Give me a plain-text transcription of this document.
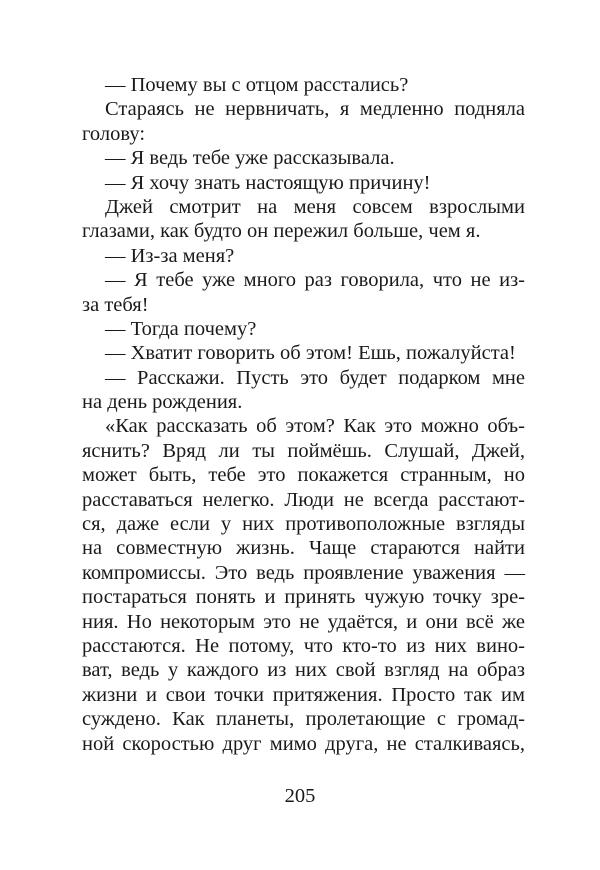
— Почему вы с отцом расстались?
Стараясь не нервничать, я медленно подняла
голову:
— Я ведь тебе уже рассказывала.
— Я хочу знать настоящую причину!
Джей смотрит на меня совсем взрослыми
глазами, как будто он пережил больше, чем я.
— Из-за меня?
— Я тебе уже много раз говорила, что не из-
за тебя!
— Тогда почему?
— Хватит говорить об этом! Ешь, пожалуйста!
— Расскажи. Пусть это будет подарком мне
на день рождения.
«Как рассказать об этом? Как это можно объ-
яснить? Вряд ли ты поймёшь. Слушай, Джей,
может быть, тебе это покажется странным, но
расставаться нелегко. Люди не всегда расстают-
ся, даже если у них противоположные взгляды
на совместную жизнь. Чаще стараются найти
компромиссы. Это ведь проявление уважения —
постараться понять и принять чужую точку зре-
ния. Но некоторым это не удаётся, и они всё же
расстаются. Не потому, что кто-то из них вино-
ват, ведь у каждого из них свой взгляд на образ
жизни и свои точки притяжения. Просто так им
суждено. Как планеты, пролетающие с громад-
ной скоростью друг мимо друга, не сталкиваясь,
205
